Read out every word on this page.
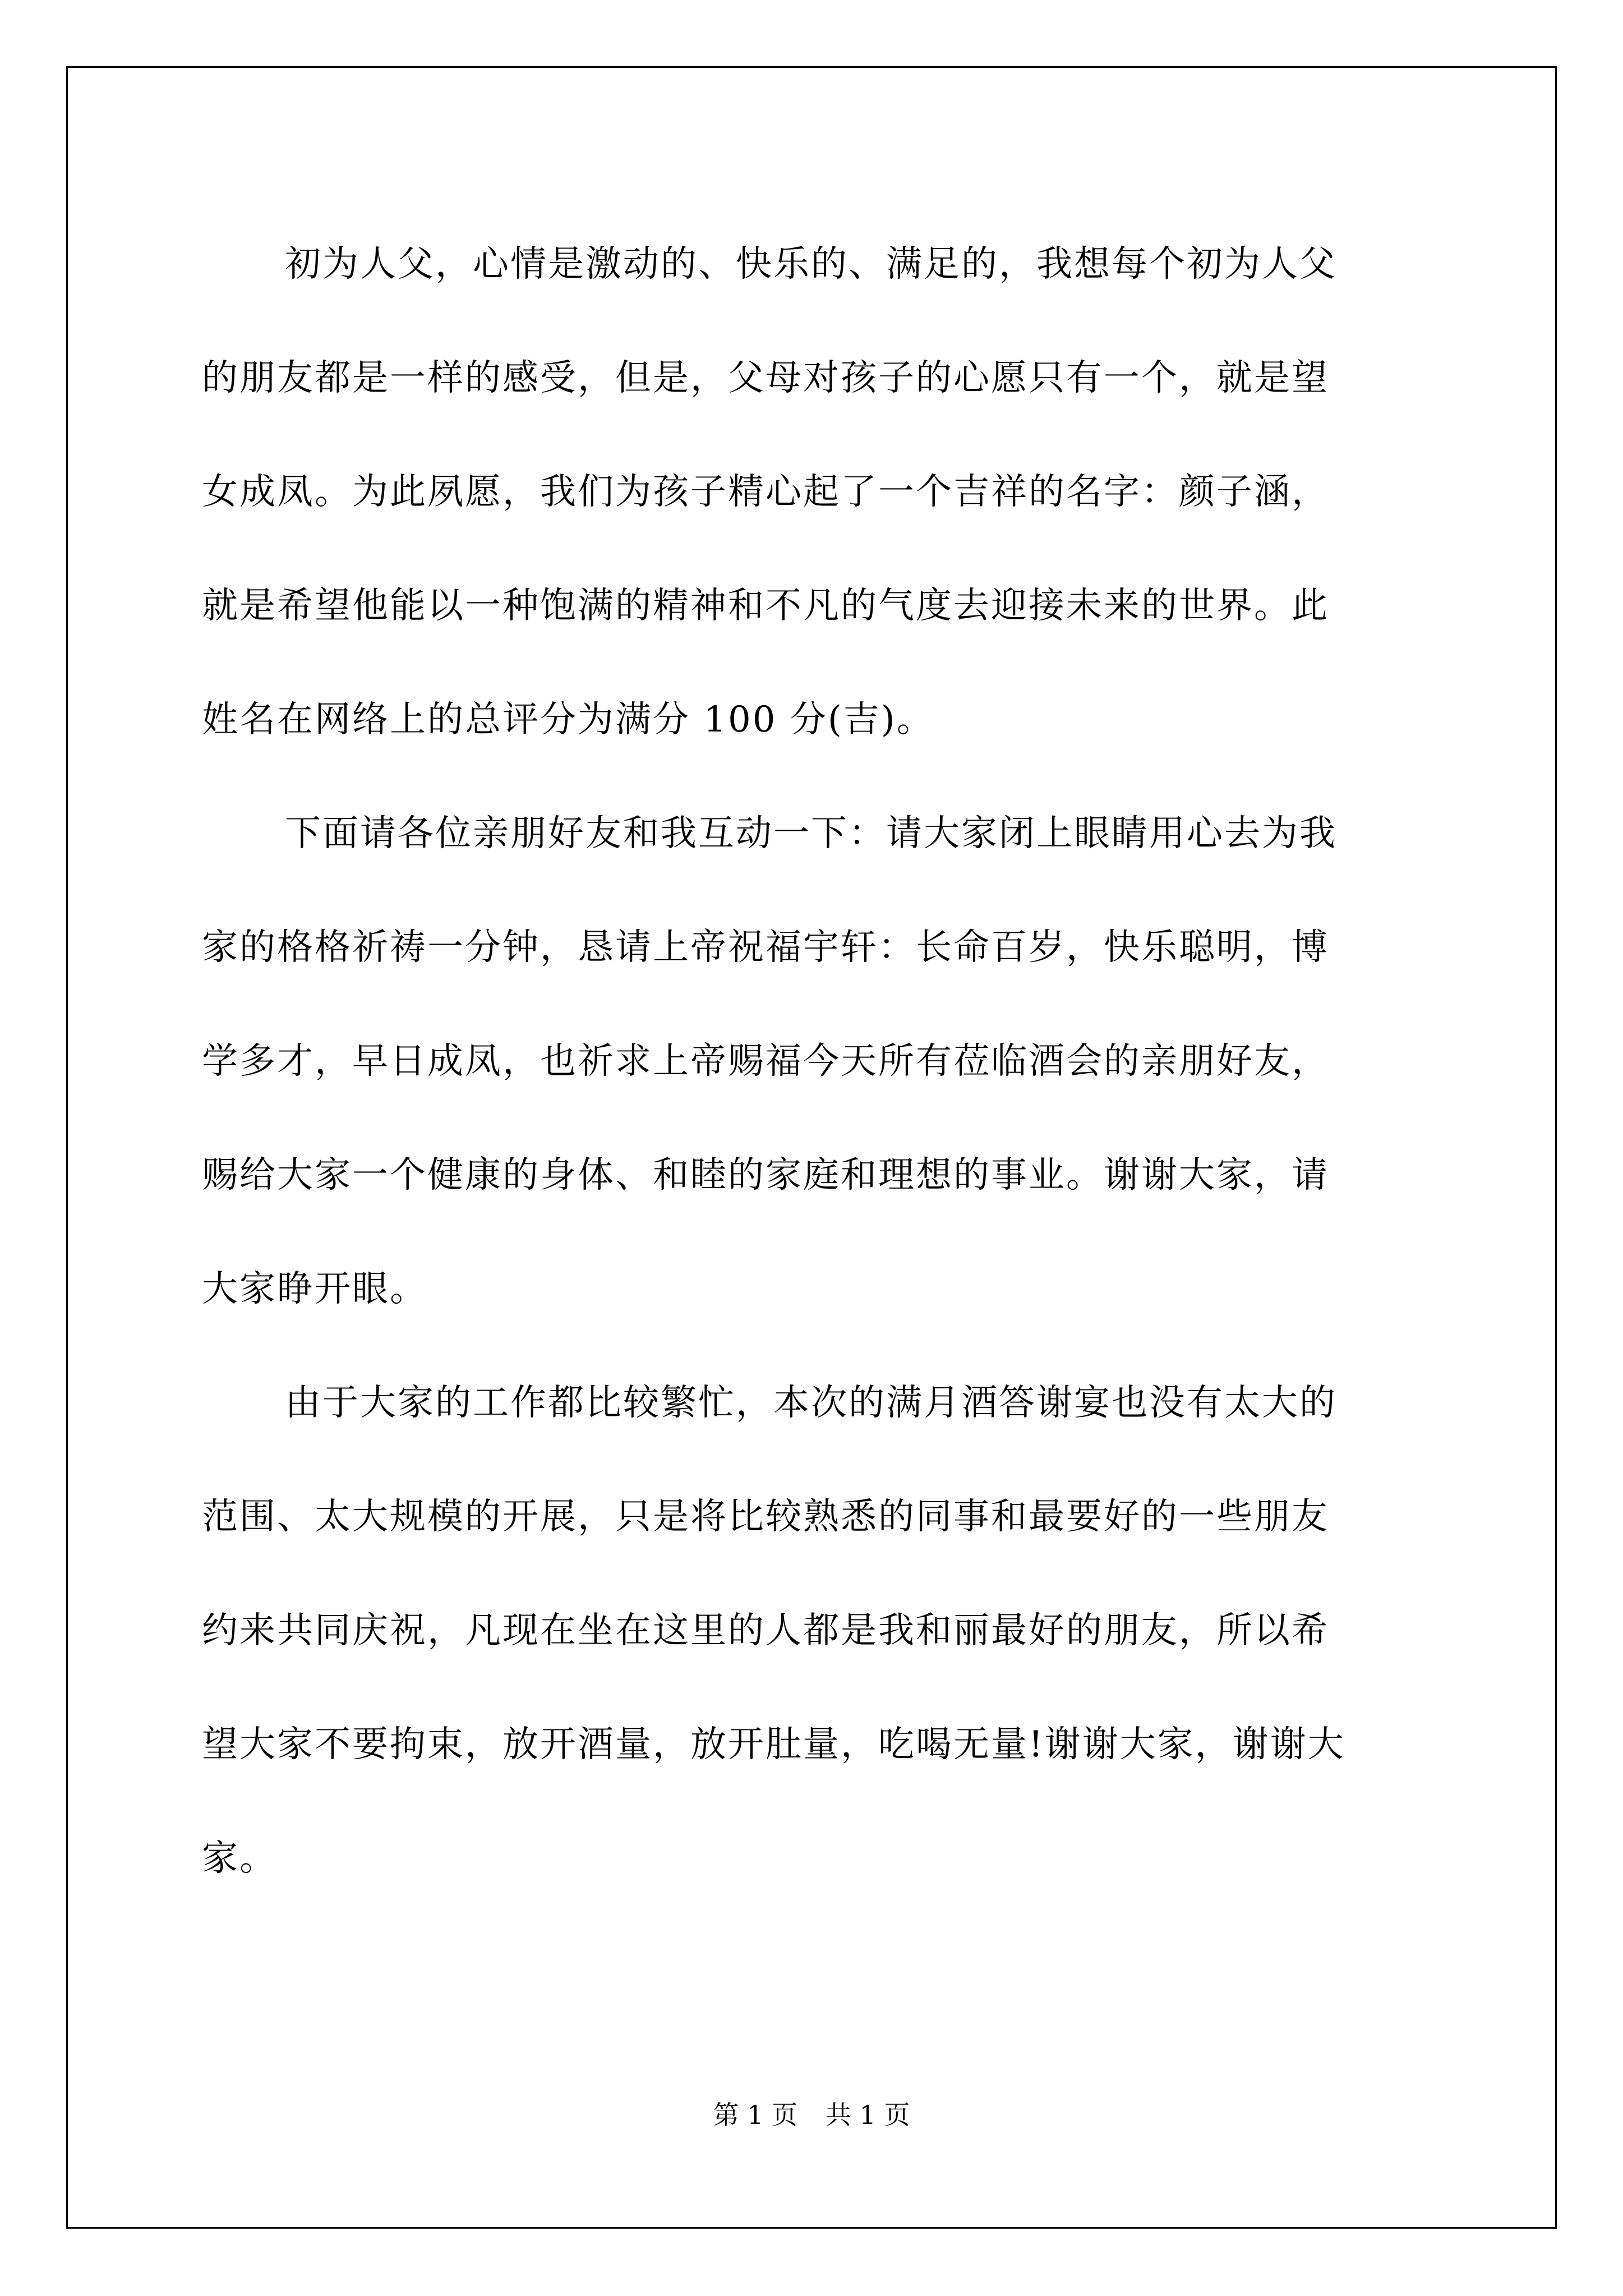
初为人父，心情是激动的、快乐的、满足的，我想每个初为人父
的朋友都是一样的感受，但是，父母对孩子的心愿只有一个，就是望
女成凤。为此夙愿，我们为孩子精心起了一个吉祥的名字：颜子涵，
就是希望他能以一种饱满的精神和不凡的气度去迎接未来的世界。此
姓名在网络上的总评分为满分 100 分(吉)。
下面请各位亲朋好友和我互动一下：请大家闭上眼睛用心去为我
家的格格祈祷一分钟，恳请上帝祝福宇轩：长命百岁，快乐聪明，博
学多才，早日成凤，也祈求上帝赐福今天所有莅临酒会的亲朋好友，
赐给大家一个健康的身体、和睦的家庭和理想的事业。谢谢大家，请
大家睁开眼。
由于大家的工作都比较繁忙，本次的满月酒答谢宴也没有太大的
范围、太大规模的开展，只是将比较熟悉的同事和最要好的一些朋友
约来共同庆祝，凡现在坐在这里的人都是我和丽最好的朋友，所以希
望大家不要拘束，放开酒量，放开肚量，吃喝无量!谢谢大家，谢谢大
家。
第 1 页 共 1 页
